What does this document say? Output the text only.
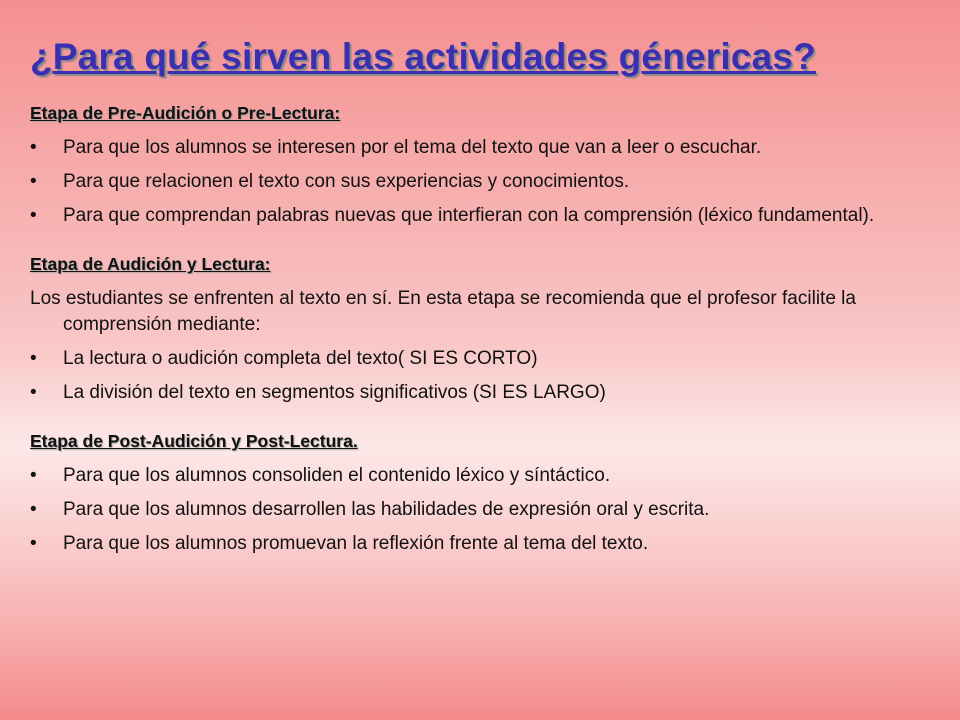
¿Para qué sirven las actividades génericas?
Etapa de Pre-Audición o Pre-Lectura:
• Para que los alumnos se interesen por el tema del texto que van a leer o escuchar.
• Para que relacionen el texto con sus experiencias y conocimientos.
• Para que comprendan palabras nuevas que interfieran con la comprensión (léxico fundamental).
Etapa de Audición y Lectura:

Los estudiantes se enfrenten al texto en sí. En esta etapa se recomienda que el profesor facilite la comprensión mediante:

• La lectura o audición completa del texto( SI ES CORTO)
• La división del texto en segmentos significativos (SI ES LARGO)
Etapa de Post-Audición y Post-Lectura.
• Para que los alumnos consoliden el contenido léxico y síntáctico.
• Para que los alumnos desarrollen las habilidades de expresión oral y escrita.
• Para que los alumnos promuevan la reflexión frente al tema del texto.
